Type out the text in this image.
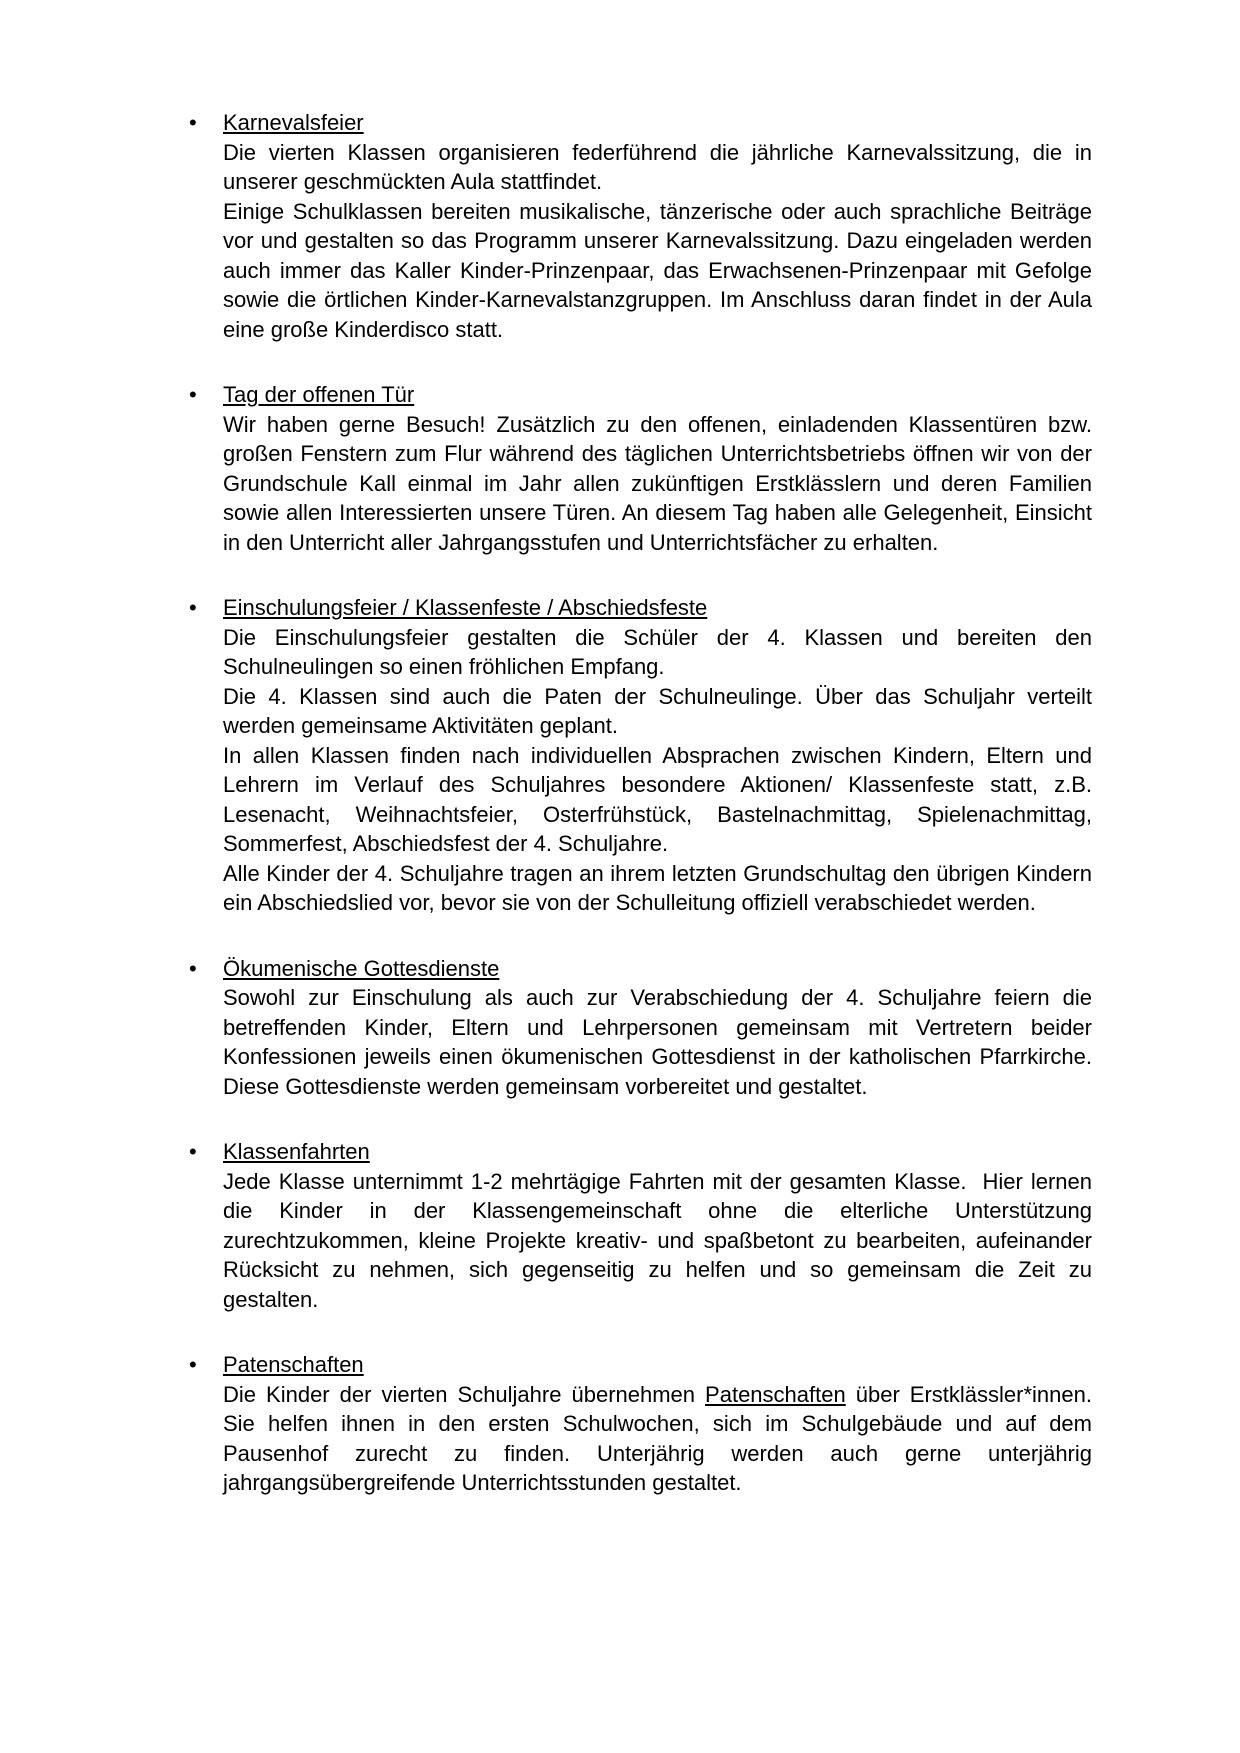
•	Karnevalsfeier

Die vierten Klassen organisieren federführend die jährliche Karnevalssitzung, die in unserer geschmückten Aula stattfindet.

Einige Schulklassen bereiten musikalische, tänzerische oder auch sprachliche Beiträge vor und gestalten so das Programm unserer Karnevalssitzung. Dazu eingeladen werden auch immer das Kaller Kinder-Prinzenpaar, das Erwachsenen-Prinzenpaar mit Gefolge sowie die örtlichen Kinder-Karnevalstanzgruppen. Im Anschluss daran findet in der Aula eine große Kinderdisco statt.

•	Tag der offenen Tür

Wir haben gerne Besuch! Zusätzlich zu den offenen, einladenden Klassentüren bzw. großen Fenstern zum Flur während des täglichen Unterrichtsbetriebs öffnen wir von der Grundschule Kall einmal im Jahr allen zukünftigen Erstklässlern und deren Familien sowie allen Interessierten unsere Türen. An diesem Tag haben alle Gelegenheit, Einsicht in den Unterricht aller Jahrgangsstufen und Unterrichtsfächer zu erhalten.

•	Einschulungsfeier / Klassenfeste / Abschiedsfeste

Die Einschulungsfeier gestalten die Schüler der 4. Klassen und bereiten den Schulneulingen so einen fröhlichen Empfang.

Die 4. Klassen sind auch die Paten der Schulneulinge. Über das Schuljahr verteilt werden gemeinsame Aktivitäten geplant.

In allen Klassen finden nach individuellen Absprachen zwischen Kindern, Eltern und Lehrern im Verlauf des Schuljahres besondere Aktionen/ Klassenfeste statt, z.B. Lesenacht, Weihnachtsfeier, Osterfrühstück, Bastelnachmittag, Spielenachmittag, Sommerfest, Abschiedsfest der 4. Schuljahre.

Alle Kinder der 4. Schuljahre tragen an ihrem letzten Grundschultag den übrigen Kindern ein Abschiedslied vor, bevor sie von der Schulleitung offiziell verabschiedet werden.

•	Ökumenische Gottesdienste

Sowohl zur Einschulung als auch zur Verabschiedung der 4. Schuljahre feiern die betreffenden Kinder, Eltern und Lehrpersonen gemeinsam mit Vertretern beider Konfessionen jeweils einen ökumenischen Gottesdienst in der katholischen Pfarrkirche. Diese Gottesdienste werden gemeinsam vorbereitet und gestaltet.

•	Klassenfahrten

Jede Klasse unternimmt 1-2 mehrtägige Fahrten mit der gesamten Klasse.  Hier lernen die Kinder in der Klassengemeinschaft ohne die elterliche Unterstützung zurechtzukommen, kleine Projekte kreativ- und spaßbetont zu bearbeiten, aufeinander Rücksicht zu nehmen, sich gegenseitig zu helfen und so gemeinsam die Zeit zu gestalten.

•	Patenschaften

Die Kinder der vierten Schuljahre übernehmen Patenschaften über Erstklässler*innen. Sie helfen ihnen in den ersten Schulwochen, sich im Schulgebäude und auf dem Pausenhof zurecht zu finden. Unterjährig werden auch gerne unterjährig jahrgangsübergreifende Unterrichtsstunden gestaltet.
